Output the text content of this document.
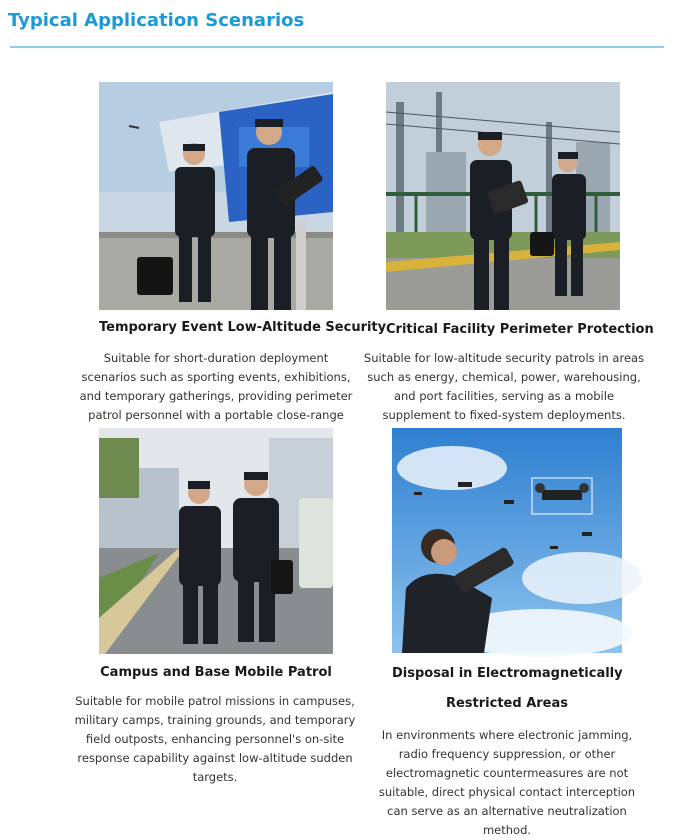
Typical Application Scenarios
Temporary Event Low-Altitude Security
Suitable for short-duration deployment scenarios such as sporting events, exhibitions, and temporary gatherings, providing perimeter patrol personnel with a portable close-range
Critical Facility Perimeter Protection
Suitable for low-altitude security patrols in areas such as energy, chemical, power, warehousing, and port facilities, serving as a mobile supplement to fixed-system deployments.
Campus and Base Mobile Patrol
Suitable for mobile patrol missions in campuses, military camps, training grounds, and temporary field outposts, enhancing personnel's on-site response capability against low-altitude sudden targets.
Disposal in Electromagnetically
Restricted Areas
In environments where electronic jamming, radio frequency suppression, or other electromagnetic countermeasures are not suitable, direct physical contact interception can serve as an alternative neutralization method.
